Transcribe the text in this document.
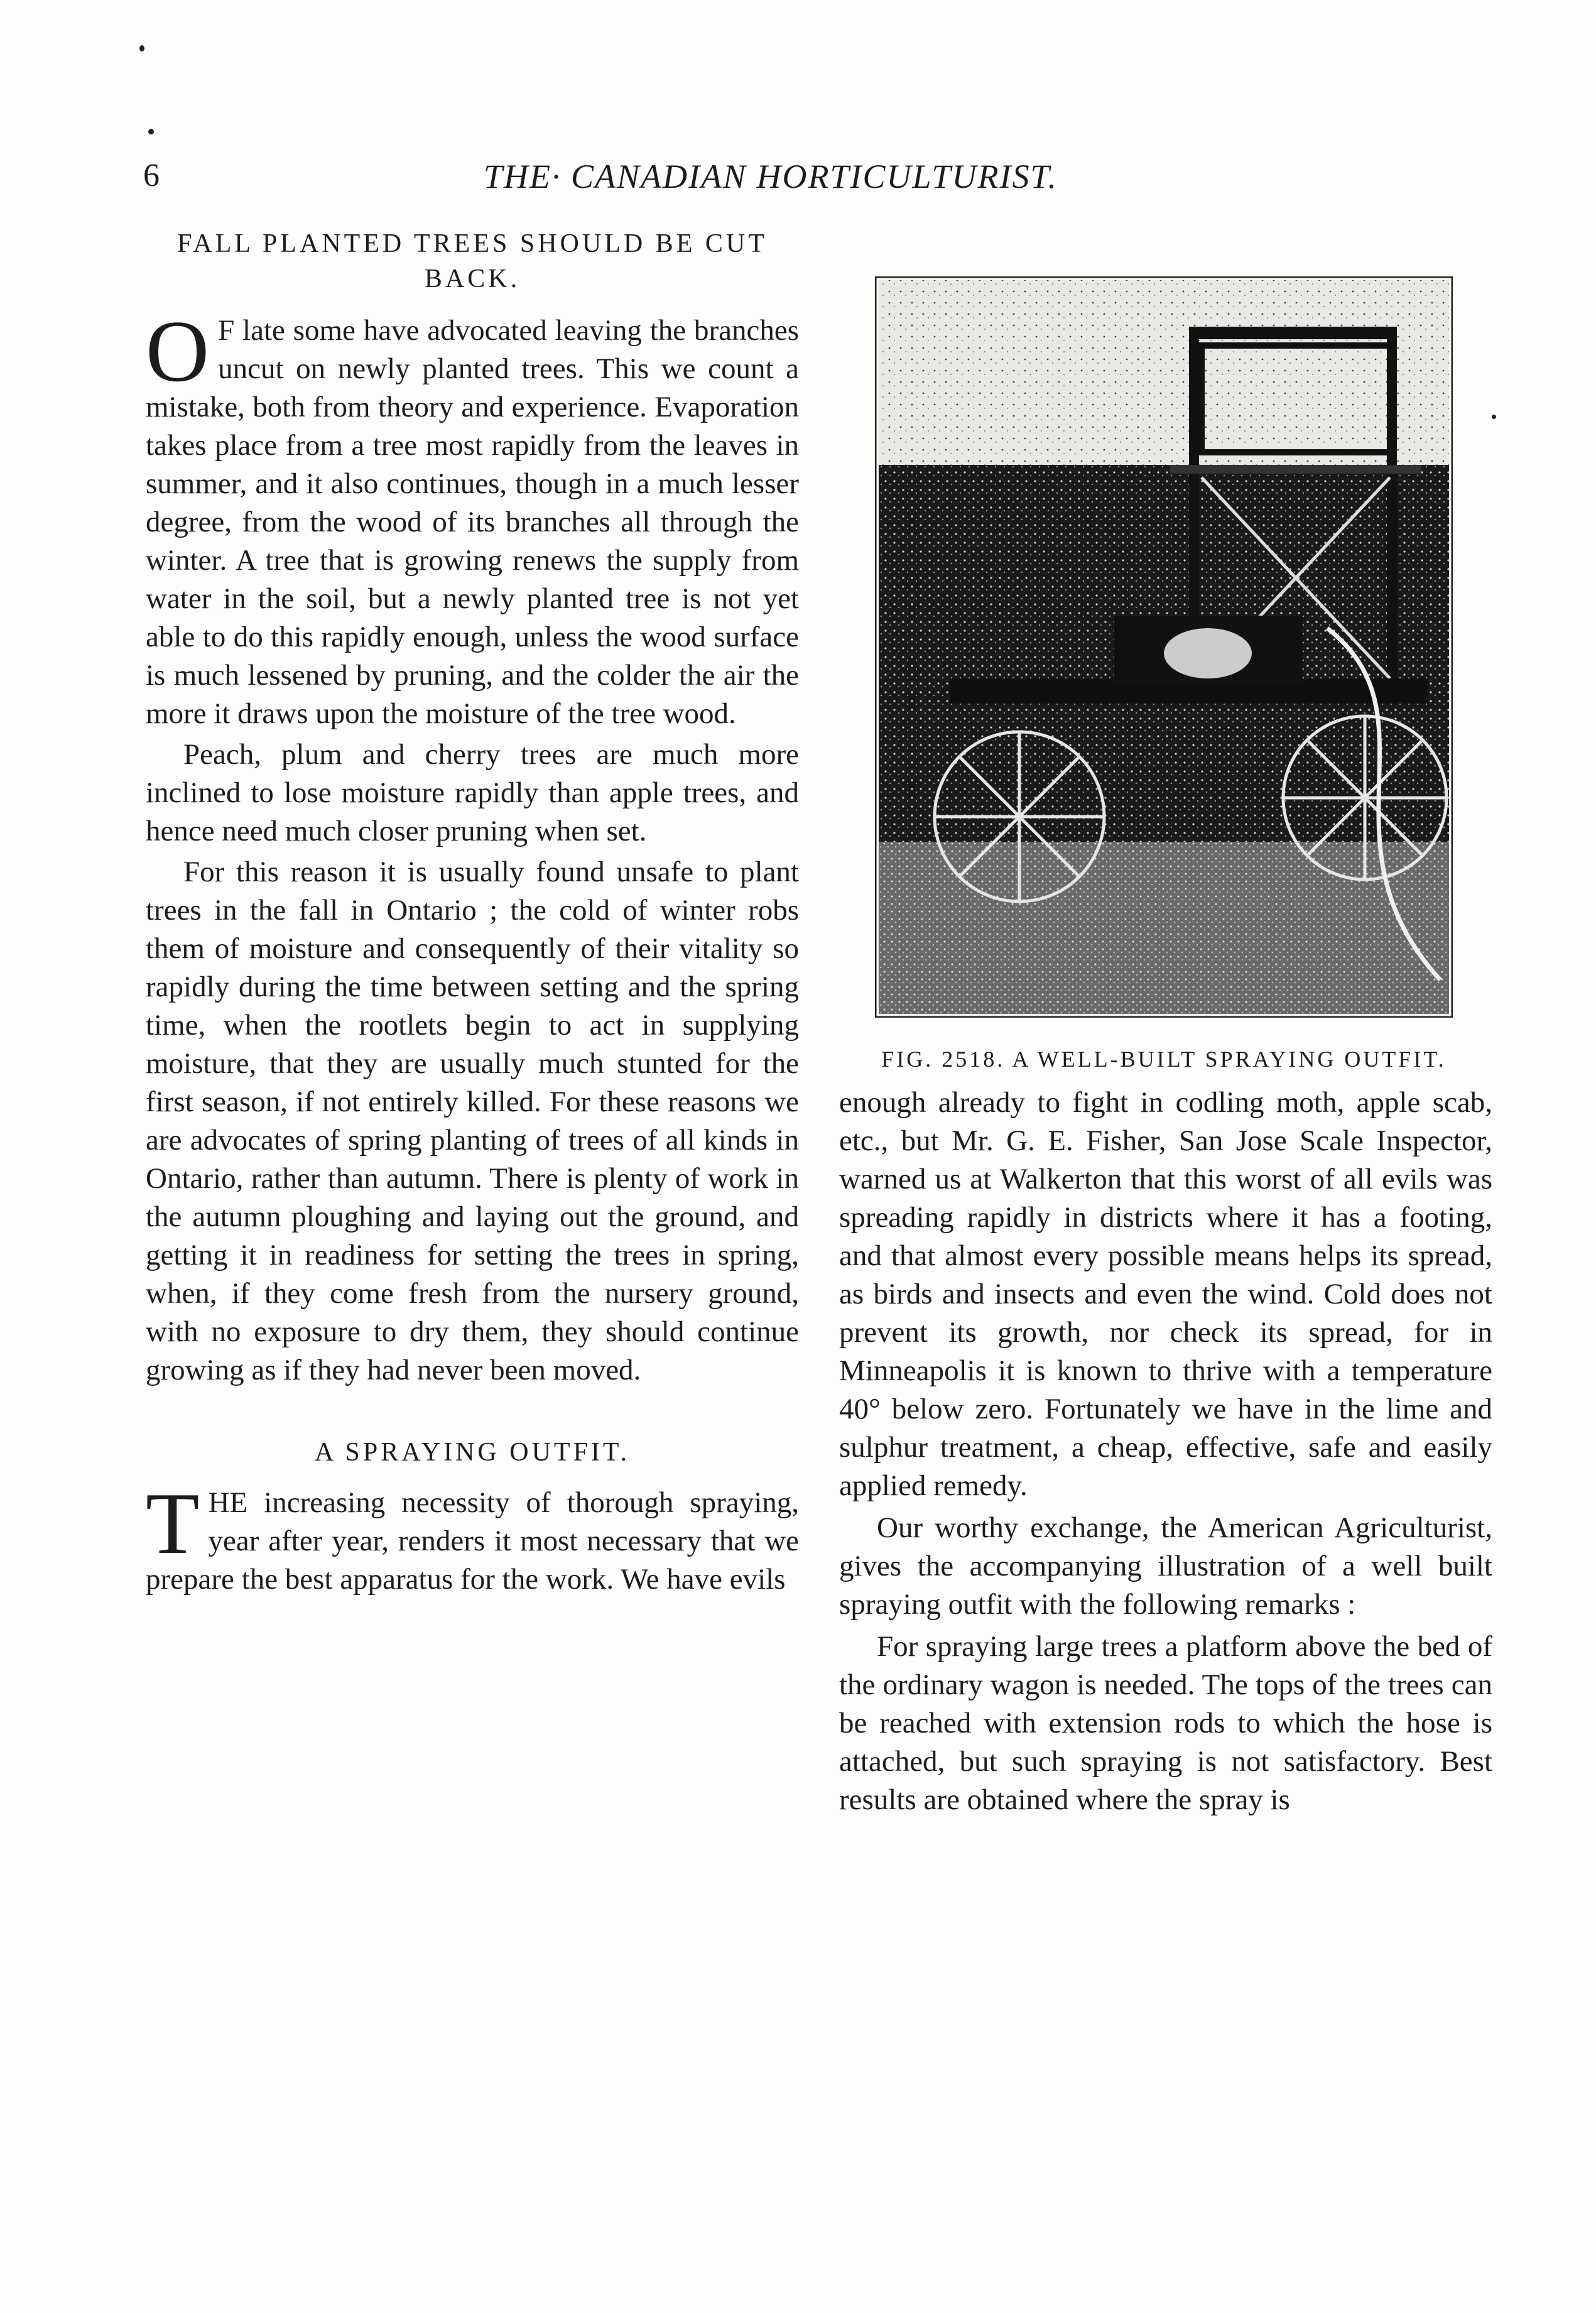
6	THE· CANADIAN HORTICULTURIST.
FALL PLANTED TREES SHOULD BE CUT BACK.

O F late some have advocated leaving the branches uncut on newly planted trees. This we count a mistake, both from theory and experience. Evaporation takes place from a tree most rapidly from the leaves in summer, and it also continues, though in a much lesser degree, from the wood of its branches all through the winter. A tree that is growing renews the supply from water in the soil, but a newly planted tree is not yet able to do this rapidly enough, unless the wood surface is much lessened by pruning, and the colder the air the more it draws upon the moisture of the tree wood.

Peach, plum and cherry trees are much more inclined to lose moisture rapidly than apple trees, and hence need much closer pruning when set.

For this reason it is usually found unsafe to plant trees in the fall in Ontario ; the cold of winter robs them of moisture and consequently of their vitality so rapidly during the time between setting and the spring time, when the rootlets begin to act in supplying moisture, that they are usually much stunted for the first season, if not entirely killed. For these reasons we are advocates of spring planting of trees of all kinds in Ontario, rather than autumn. There is plenty of work in the autumn ploughing and laying out the ground, and getting it in readiness for setting the trees in spring, when, if they come fresh from the nursery ground, with no exposure to dry them, they should continue growing as if they had never been moved.

A SPRAYING OUTFIT.

THE increasing necessity of thorough spraying, year after year, renders it most necessary that we prepare the best apparatus for the work. We have evils

FIG. 2518. A WELL-BUILT SPRAYING OUTFIT.

enough already to fight in codling moth, apple scab, etc., but Mr. G. E. Fisher, San Jose Scale Inspector, warned us at Walkerton that this worst of all evils was spreading rapidly in districts where it has a footing, and that almost every possible means helps its spread, as birds and insects and even the wind. Cold does not prevent its growth, nor check its spread, for in Minneapolis it is known to thrive with a temperature 40° below zero. Fortunately we have in the lime and sulphur treatment, a cheap, effective, safe and easily applied remedy.

Our worthy exchange, the American Agriculturist, gives the accompanying illustration of a well built spraying outfit with the following remarks :

For spraying large trees a platform above the bed of the ordinary wagon is needed. The tops of the trees can be reached with extension rods to which the hose is attached, but such spraying is not satisfactory. Best results are obtained where the spray is
